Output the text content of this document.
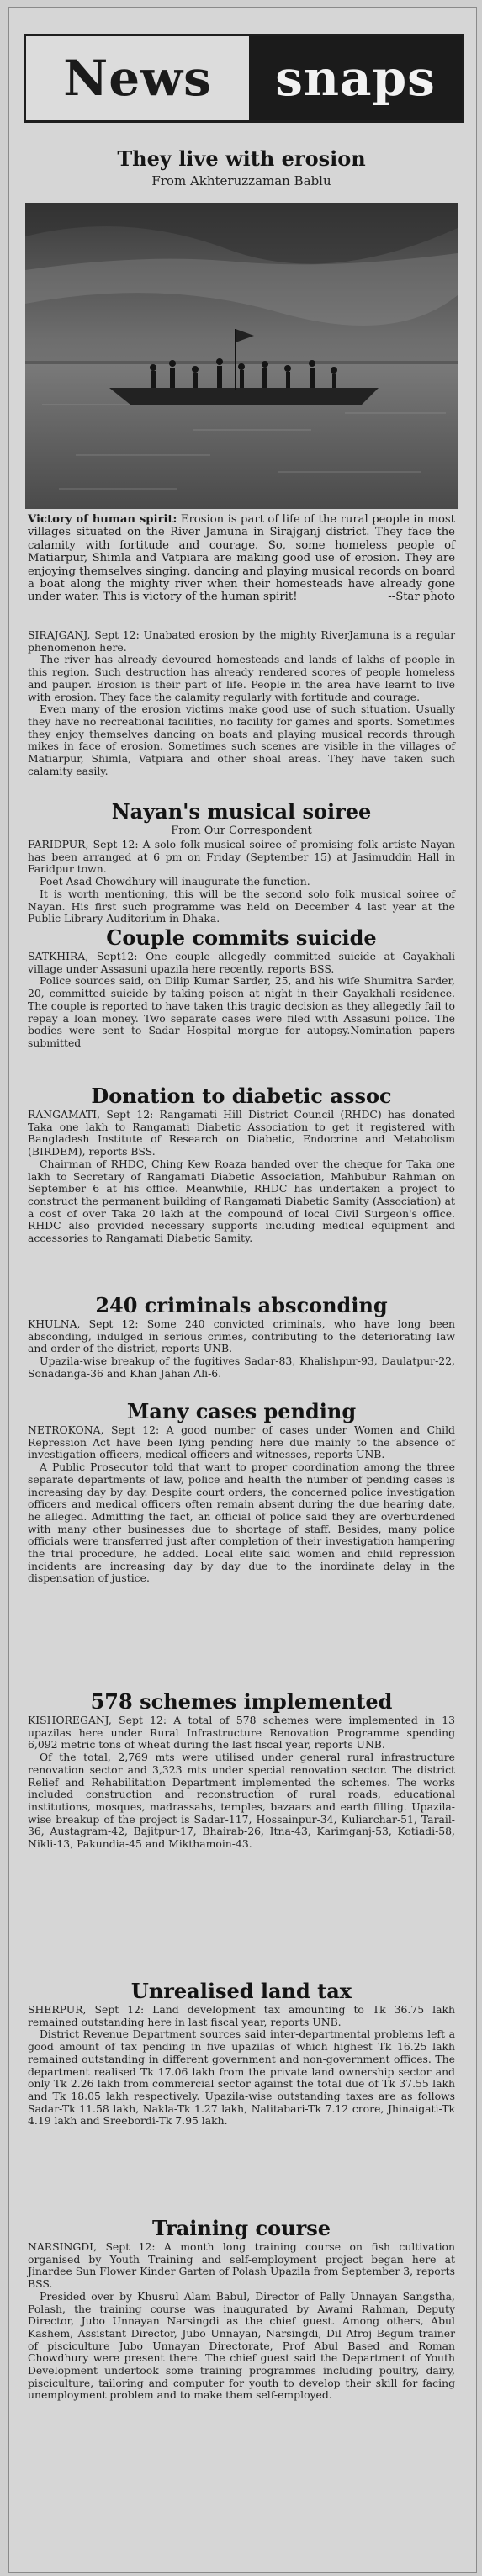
News	snaps
They live with erosion
From Akhteruzzaman Bablu
Victory of human spirit: Erosion is part of life of the rural people in most villages situated on the River Jamuna in Sirajganj district. They face the calamity with fortitude and courage. So, some homeless people of Matiarpur, Shimla and Vatpiara are making good use of erosion. They are enjoying themselves singing, dancing and playing musical records on board a boat along the mighty river when their homesteads have already gone under water. This is victory of the human spirit!	--Star photo

SIRAJGANJ, Sept 12: Unabated erosion by the mighty RiverJamuna is a regular phenomenon here.

The river has already devoured homesteads and lands of lakhs of people in this region. Such destruction has already rendered scores of people homeless and pauper. Erosion is their part of life. People in the area have learnt to live with erosion. They face the calamity regularly with fortitude and courage.

Even many of the erosion victims make good use of such situation. Usually they have no recreational facilities, no facility for games and sports. Sometimes they enjoy themselves dancing on boats and playing musical records through mikes in face of erosion. Sometimes such scenes are visible in the villages of Matiarpur, Shimla, Vatpiara and other shoal areas. They have taken such calamity easily.

Nayan's musical soiree
From Our Correspondent

FARIDPUR, Sept 12: A solo folk musical soiree of promising folk artiste Nayan has been arranged at 6 pm on Friday (September 15) at Jasimuddin Hall in Faridpur town.

Poet Asad Chowdhury will inaugurate the function.

It is worth mentioning, this will be the second solo folk musical soiree of Nayan. His first such programme was held on December 4 last year at the Public Library Auditorium in Dhaka.

Couple commits suicide

SATKHIRA, Sept12: One couple allegedly committed suicide at Gayakhali village under Assasuni upazila here recently, reports BSS.

Police sources said, on Dilip Kumar Sarder, 25, and his wife Shumitra Sarder, 20, committed suicide by taking poison at night in their Gayakhali residence. The couple is reported to have taken this tragic decision as they allegedly fail to repay a loan money. Two separate cases were filed with Assasuni police. The bodies were sent to Sadar Hospital morgue for autopsy.Nomination papers submitted

Donation to diabetic assoc

RANGAMATI, Sept 12: Rangamati Hill District Council (RHDC) has donated Taka one lakh to Rangamati Diabetic Association to get it registered with Bangladesh Institute of Research on Diabetic, Endocrine and Metabolism (BIRDEM), reports BSS.

Chairman of RHDC, Ching Kew Roaza handed over the cheque for Taka one lakh to Secretary of Rangamati Diabetic Association, Mahbubur Rahman on September 6 at his office. Meanwhile, RHDC has undertaken a project to construct the permanent building of Rangamati Diabetic Samity (Association) at a cost of over Taka 20 lakh at the compound of local Civil Surgeon's office. RHDC also provided necessary supports including medical equipment and accessories to Rangamati Diabetic Samity.

240 criminals absconding

KHULNA, Sept 12: Some 240 convicted criminals, who have long been absconding, indulged in serious crimes, contributing to the deteriorating law and order of the district, reports UNB.

Upazila-wise breakup of the fugitives Sadar-83, Khalishpur-93, Daulatpur-22, Sonadanga-36 and Khan Jahan Ali-6.

Many cases pending

NETROKONA, Sept 12: A good number of cases under Women and Child Repression Act have been lying pending here due mainly to the absence of investigation officers, medical officers and witnesses, reports UNB.

A Public Prosecutor told that want to proper coordination among the three separate departments of law, police and health the number of pending cases is increasing day by day. Despite court orders, the concerned police investigation officers and medical officers often remain absent during the due hearing date, he alleged. Admitting the fact, an official of police said they are overburdened with many other businesses due to shortage of staff. Besides, many police officials were transferred just after completion of their investigation hampering the trial procedure, he added. Local elite said women and child repression incidents are increasing day by day due to the inordinate delay in the dispensation of justice.

578 schemes implemented

KISHOREGANJ, Sept 12: A total of 578 schemes were implemented in 13 upazilas here under Rural Infrastructure Renovation Programme spending 6,092 metric tons of wheat during the last fiscal year, reports UNB.

Of the total, 2,769 mts were utilised under general rural infrastructure renovation sector and 3,323 mts under special renovation sector. The district Relief and Rehabilitation Department implemented the schemes. The works included construction and reconstruction of rural roads, educational institutions, mosques, madrassahs, temples, bazaars and earth filling. Upazila-wise breakup of the project is Sadar-117, Hossainpur-34, Kuliarchar-51, Tarail-36, Austagram-42, Bajitpur-17, Bhairab-26, Itna-43, Karimganj-53, Kotiadi-58, Nikli-13, Pakundia-45 and Mikthamoin-43.

Unrealised land tax

SHERPUR, Sept 12: Land development tax amounting to Tk 36.75 lakh remained outstanding here in last fiscal year, reports UNB.

District Revenue Department sources said inter-departmental problems left a good amount of tax pending in five upazilas of which highest Tk 16.25 lakh remained outstanding in different government and non-government offices. The department realised Tk 17.06 lakh from the private land ownership sector and only Tk 2.26 lakh from commercial sector against the total due of Tk 37.55 lakh and Tk 18.05 lakh respectively. Upazila-wise outstanding taxes are as follows Sadar-Tk 11.58 lakh, Nakla-Tk 1.27 lakh, Nalitabari-Tk 7.12 crore, Jhinaigati-Tk 4.19 lakh and Sreebordi-Tk 7.95 lakh.

Training course

NARSINGDI, Sept 12: A month long training course on fish cultivation organised by Youth Training and self-employment project began here at Jinardee Sun Flower Kinder Garten of Polash Upazila from September 3, reports BSS.

Presided over by Khusrul Alam Babul, Director of Pally Unnayan Sangstha, Polash, the training course was inaugurated by Awami Rahman, Deputy Director, Jubo Unnayan Narsingdi as the chief guest. Among others, Abul Kashem, Assistant Director, Jubo Unnayan, Narsingdi, Dil Afroj Begum trainer of pisciculture Jubo Unnayan Directorate, Prof Abul Based and Roman Chowdhury were present there. The chief guest said the Department of Youth Development undertook some training programmes including poultry, dairy, pisciculture, tailoring and computer for youth to develop their skill for facing unemployment problem and to make them self-employed.
